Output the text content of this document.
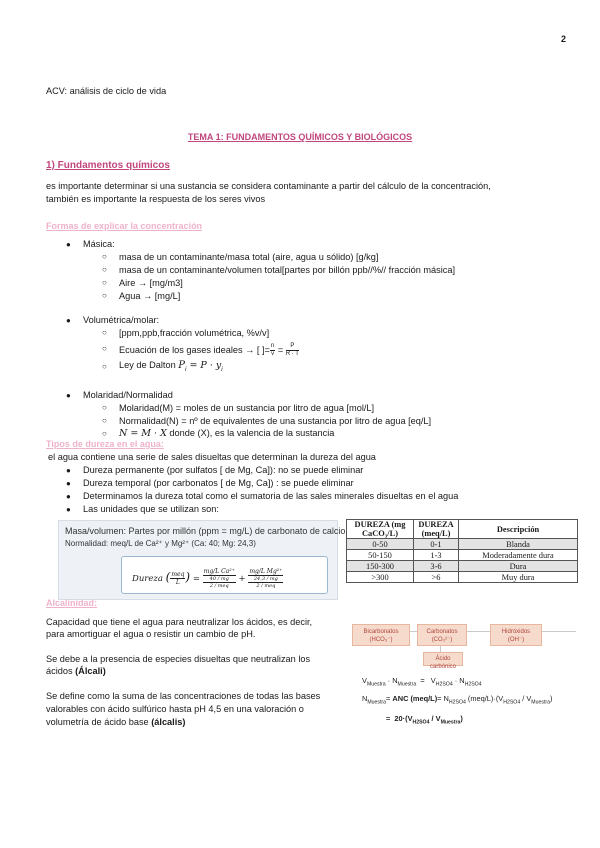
2
ACV: análisis de ciclo de vida
TEMA 1: FUNDAMENTOS QUÍMICOS Y BIOLÓGICOS
1) Fundamentos químicos
es importante determinar si una sustancia se considera contaminante a partir del cálculo de la concentración,
también es importante la respuesta de los seres vivos
Formas de explicar la concentración
● Másica:
○ masa de un contaminante/masa total (aire, agua u sólido) [g/kg]
○ masa de un contaminante/volumen total[partes por billón ppb//%// fracción másica]
○ Aire → [mg/m3]
○ Agua → [mg/L]
● Volumétrica/molar:
○ [ppm,ppb,fracción volumétrica, %v/v]
○ Ecuación de los gases ideales → [ ]= $\frac{n}{v} = \frac{P}{R \cdot T}$
○ Ley de Dalton $P_i = P \cdot y_i$
● Molaridad/Normalidad
○ Molaridad(M) = moles de un sustancia por litro de agua [mol/L]
○ Normalidad(N) = nº de equivalentes de una sustancia por litro de agua [eq/L]
○ N = M · X donde (X), es la valencia de la sustancia
Tipos de dureza en el agua:
el agua contiene una serie de sales disueltas que determinan la dureza del agua
● Dureza permanente (por sulfatos [ de Mg, Ca]): no se puede eliminar
● Dureza temporal (por carbonatos [ de Mg, Ca]) : se puede eliminar
● Determinamos la dureza total como el sumatoria de las sales minerales disueltas en el agua
● Las unidades que se utilizan son:
Masa/volumen: Partes por millón (ppm = mg/L) de carbonato de calcio
Normalidad: meq/L de Ca²⁺ y Mg²⁺ (Ca: 40; Mg: 24,3)
Dureza ( $\frac{\text{meq}}{L}$ ) =
mg/L Ca²⁺
40 / mg
2 / meq
+
mg/L Mg²⁺
24,3 / mg
2 / meq
DUREZA (mg CaCO₃/L)	DUREZA (meq/L)	Descripción
0-50	0-1	Blanda
50-150	1-3	Moderadamente dura
150-300	3-6	Dura
>300	>6	Muy dura
Alcalinidad:
Capacidad que tiene el agua para neutralizar los ácidos, es decir,
para amortiguar el agua o resistir un cambio de pH.
Se debe a la presencia de especies disueltas que neutralizan los
ácidos (Álcali)
Se define como la suma de las concentraciones de todas las bases
valorables con ácido sulfúrico hasta pH 4,5 en una valoración o
volumetría de ácido base (álcalis)
Bicarbonatos
(HCO₃⁻)
Carbonatos
(CO₃²⁻)
Hidróxidos
(OH⁻)
Ácido
carbónico
$V_{Muestra} \cdot N_{Muestra} = V_{H2SO4} \cdot N_{H2SO4}$
$N_{Muestra}=$ ANC $(meq/L)= N_{H2SO4}$ $(meq/L)\cdot(V_{H2SO4} / V_{Muestra})$
=  $20\cdot(V_{H2SO4} / V_{Muestra})$
